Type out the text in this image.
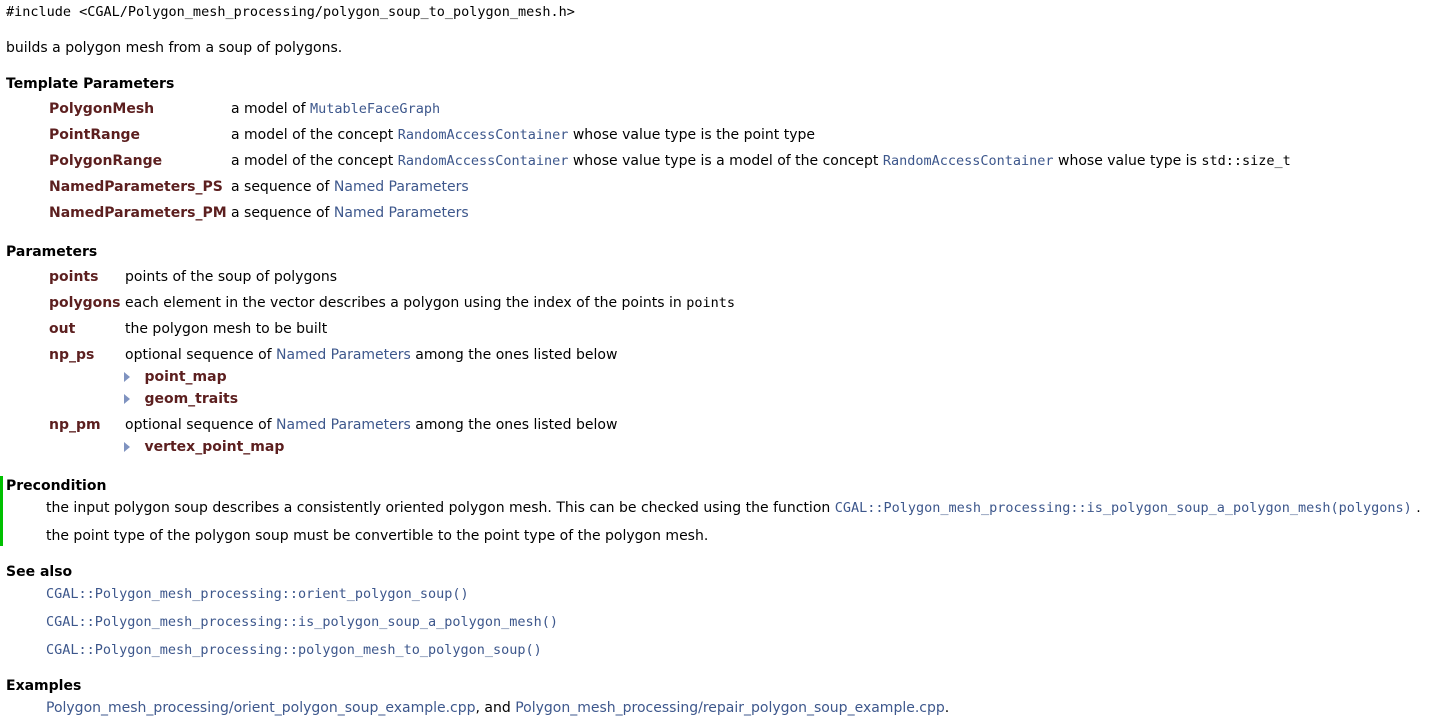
#include <CGAL/Polygon_mesh_processing/polygon_soup_to_polygon_mesh.h>
builds a polygon mesh from a soup of polygons.
Template Parameters
PolygonMesh	a model of MutableFaceGraph
PointRange	a model of the concept RandomAccessContainer whose value type is the point type
PolygonRange	a model of the concept RandomAccessContainer whose value type is a model of the concept RandomAccessContainer whose value type is std::size_t
NamedParameters_PS a sequence of Named Parameters
NamedParameters_PM a sequence of Named Parameters
Parameters
points points of the soup of polygons
polygons each element in the vector describes a polygon using the index of the points in points
out	the polygon mesh to be built
np_ps optional sequence of Named Parameters among the ones listed below
point_map
geom_traits
np_pm optional sequence of Named Parameters among the ones listed below
vertex_point_map
Precondition
the input polygon soup describes a consistently oriented polygon mesh. This can be checked using the function CGAL::Polygon_mesh_processing::is_polygon_soup_a_polygon_mesh(polygons) .
the point type of the polygon soup must be convertible to the point type of the polygon mesh.
See also
CGAL::Polygon_mesh_processing::orient_polygon_soup()
CGAL::Polygon_mesh_processing::is_polygon_soup_a_polygon_mesh()
CGAL::Polygon_mesh_processing::polygon_mesh_to_polygon_soup()
Examples
Polygon_mesh_processing/orient_polygon_soup_example.cpp, and Polygon_mesh_processing/repair_polygon_soup_example.cpp.
